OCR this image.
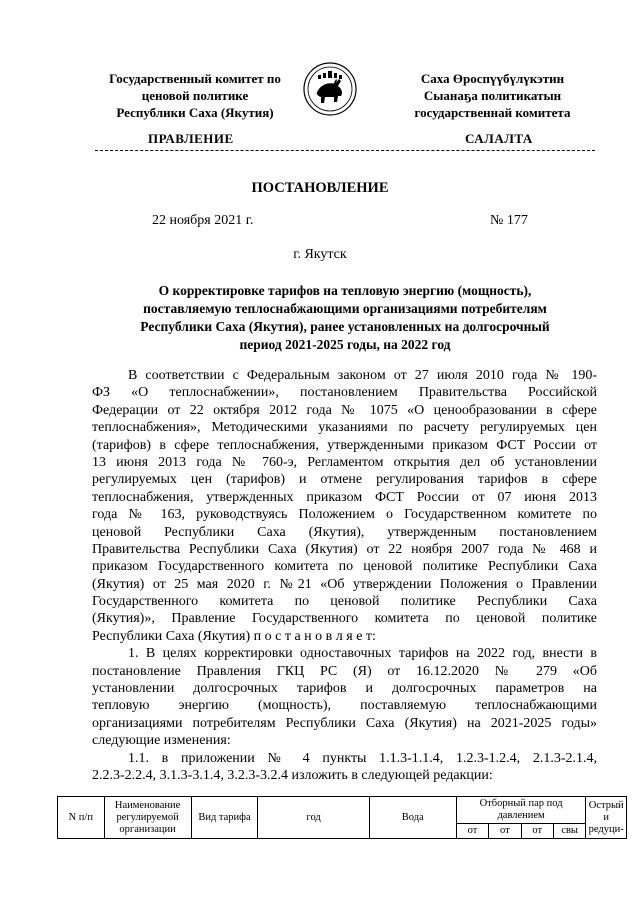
Государственный комитет по
ценовой политике
Республики Саха (Якутия)
Саха Өроспүүбүлүкэтин
Сыанаҕа политикатын
государственнай комитета
ПРАВЛЕНИЕ	САЛАЛТА
ПОСТАНОВЛЕНИЕ
22 ноября 2021 г.	№ 177
г. Якутск
О корректировке тарифов на тепловую энергию (мощность),
поставляемую теплоснабжающими организациями потребителям
Республики Саха (Якутия), ранее установленных на долгосрочный
период 2021-2025 годы, на 2022 год
В соответствии с Федеральным законом от 27 июля 2010 года № 190-
ФЗ «О теплоснабжении», постановлением Правительства Российской
Федерации от 22 октября 2012 года № 1075 «О ценообразовании в сфере
теплоснабжения», Методическими указаниями по расчету регулируемых цен
(тарифов) в сфере теплоснабжения, утвержденными приказом ФСТ России от
13 июня 2013 года № 760-э, Регламентом открытия дел об установлении
регулируемых цен (тарифов) и отмене регулирования тарифов в сфере
теплоснабжения, утвержденных приказом ФСТ России от 07 июня 2013
года № 163, руководствуясь Положением о Государственном комитете по
ценовой Республики Саха (Якутия), утвержденным постановлением
Правительства Республики Саха (Якутия) от 22 ноября 2007 года № 468 и
приказом Государственного комитета по ценовой политике Республики Саха
(Якутия) от 25 мая 2020 г. №21 «Об утверждении Положения о Правлении
Государственного комитета по ценовой политике Республики Саха
(Якутия)», Правление Государственного комитета по ценовой политике
Республики Саха (Якутия) п о с т а н о в л я е т:
1. В целях корректировки одноставочных тарифов на 2022 год, внести в
постановление Правления ГКЦ РС (Я) от 16.12.2020 № 279 «Об
установлении долгосрочных тарифов и долгосрочных параметров на
тепловую энергию (мощность), поставляемую теплоснабжающими
организациями потребителям Республики Саха (Якутия) на 2021-2025 годы»
следующие изменения:
1.1. в приложении № 4 пункты 1.1.3-1.1.4, 1.2.3-1.2.4, 2.1.3-2.1.4,
2.2.3-2.2.4, 3.1.3-3.1.4, 3.2.3-3.2.4 изложить в следующей редакции:
N п/п	Наименование регулируемой организации	Вид тарифа	год	Вода	Отборный пар под давлением				Острый и редуци-
					от	от	от	свы	
